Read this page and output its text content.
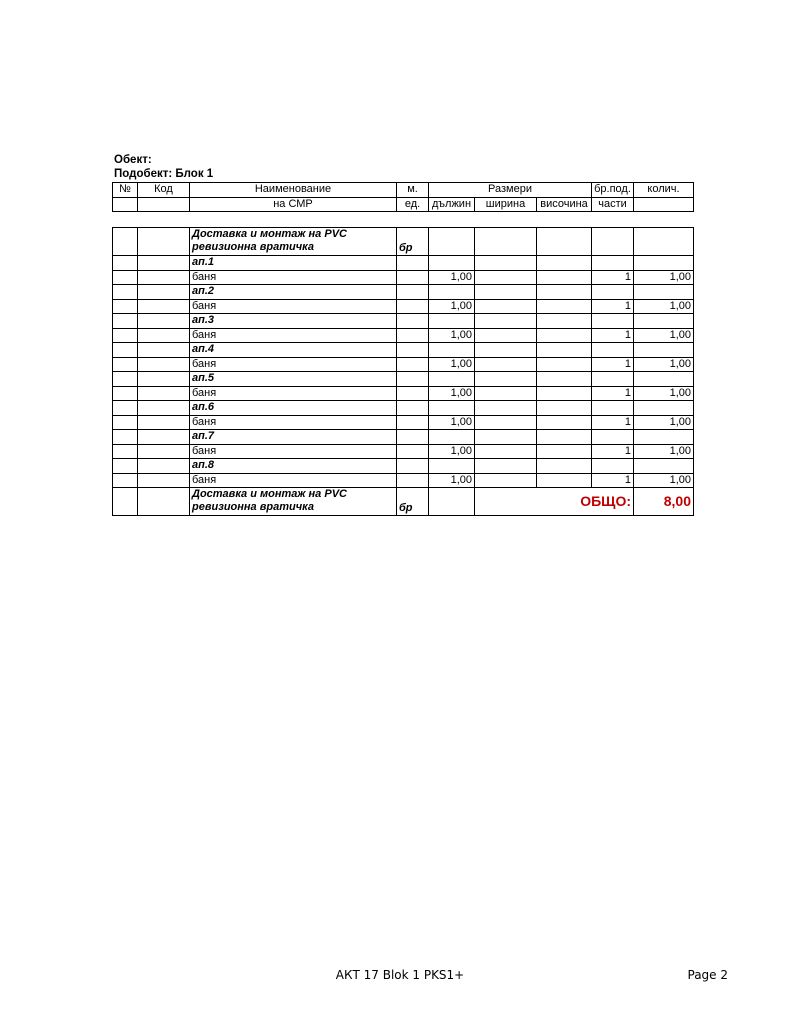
Обект:
Подобект: Блок 1
№	Код	Наименование	м.	Размери			бр.под.	колич.
		на СМР	ед.	дължин	ширина	височина	части	

		Доставка и монтаж на PVC
ревизионна вратичка	бр					
		ап.1						
		баня		1,00			1	1,00
		ап.2						
		баня		1,00			1	1,00
		ап.3						
		баня		1,00			1	1,00
		ап.4						
		баня		1,00			1	1,00
		ап.5						
		баня		1,00			1	1,00
		ап.6						
		баня		1,00			1	1,00
		ап.7						
		баня		1,00			1	1,00
		ап.8						
		баня		1,00			1	1,00

		Доставка и монтаж на PVC
ревизионна вратичка	бр		ОБЩО:			8,00
АКТ 17 Blok 1 PKS1+	Page 2
